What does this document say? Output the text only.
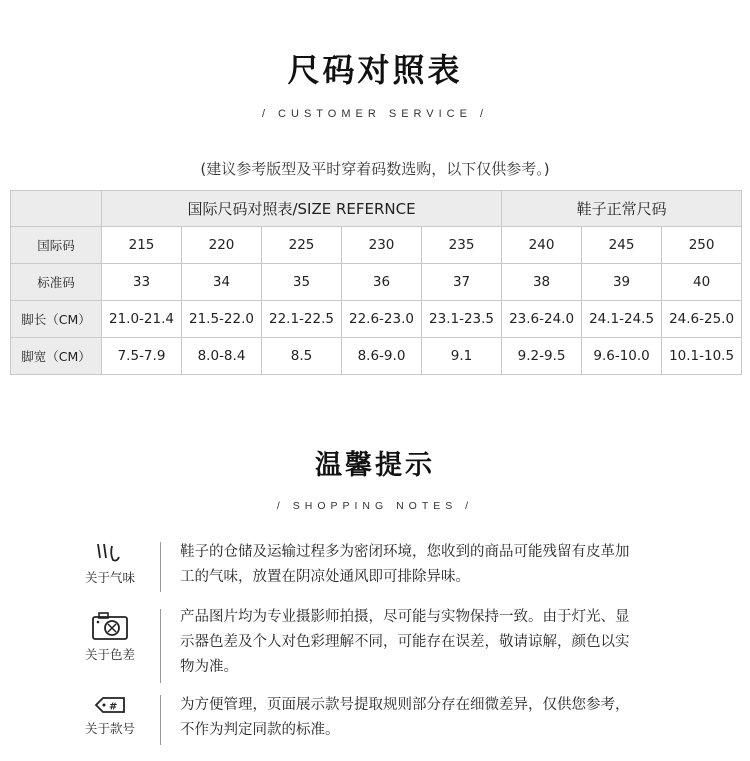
尺码对照表
/ CUSTOMER SERVICE /
(建议参考版型及平时穿着码数选购，以下仅供参考。)
	国际尺码对照表/SIZE REFERNCE					鞋子正常尺码		
国际码	215	220	225	230	235	240	245	250
标准码	33	34	35	36	37	38	39	40
脚长（CM）	21.0-21.4	21.5-22.0	22.1-22.5	22.6-23.0	23.1-23.5	23.6-24.0	24.1-24.5	24.6-25.0
脚宽（CM）	7.5-7.9	8.0-8.4	8.5	8.6-9.0	9.1	9.2-9.5	9.6-10.0	10.1-10.5
温馨提示
/ SHOPPING NOTES /
关于气味
鞋子的仓储及运输过程多为密闭环境，您收到的商品可能残留有皮革加
工的气味，放置在阴凉处通风即可排除异味。
关于色差
产品图片均为专业摄影师拍摄，尽可能与实物保持一致。由于灯光、显
示器色差及个人对色彩理解不同，可能存在误差，敬请谅解，颜色以实
物为准。
#
关于款号
为方便管理，页面展示款号提取规则部分存在细微差异，仅供您参考，
不作为判定同款的标准。
